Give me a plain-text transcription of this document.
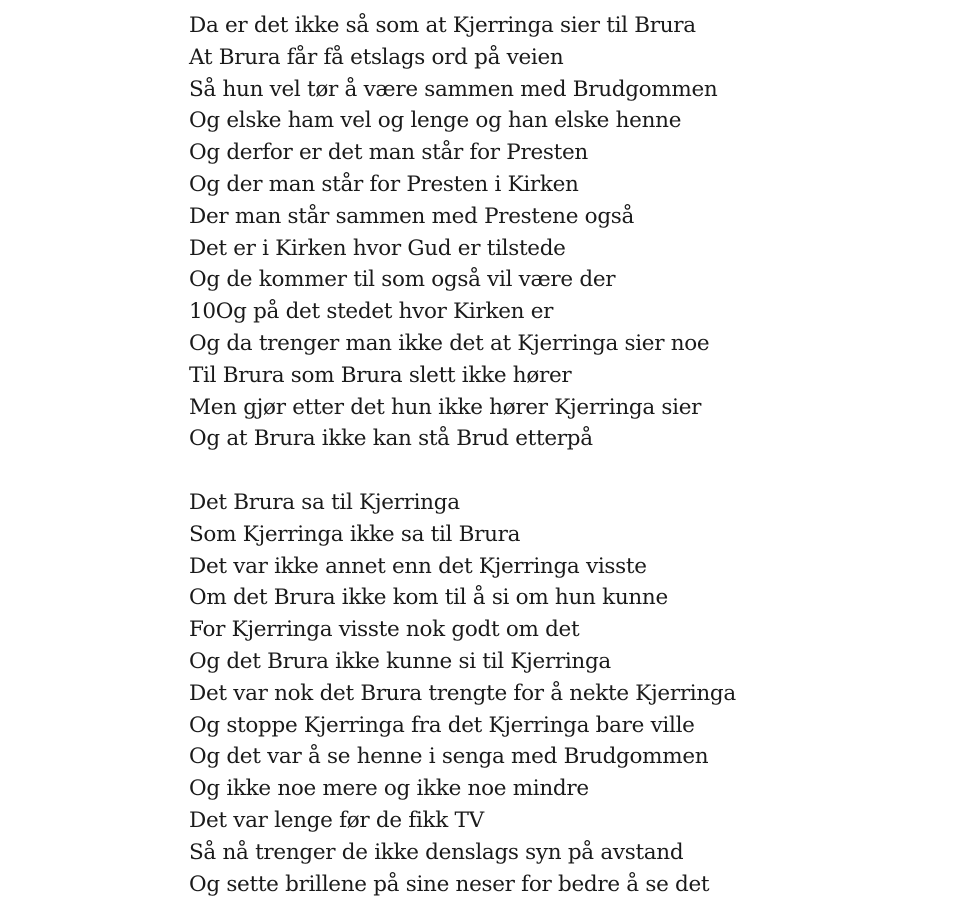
Da er det ikke så som at Kjerringa sier til Brura
At Brura får få etslags ord på veien
Så hun vel tør å være sammen med Brudgommen
Og elske ham vel og lenge og han elske henne
Og derfor er det man står for Presten
Og der man står for Presten i Kirken
Der man står sammen med Prestene også
Det er i Kirken hvor Gud er tilstede
Og de kommer til som også vil være der
10Og på det stedet hvor Kirken er
Og da trenger man ikke det at Kjerringa sier noe
Til Brura som Brura slett ikke hører
Men gjør etter det hun ikke hører Kjerringa sier
Og at Brura ikke kan stå Brud etterpå
Det Brura sa til Kjerringa
Som Kjerringa ikke sa til Brura
Det var ikke annet enn det Kjerringa visste
Om det Brura ikke kom til å si om hun kunne
For Kjerringa visste nok godt om det
Og det Brura ikke kunne si til Kjerringa
Det var nok det Brura trengte for å nekte Kjerringa
Og stoppe Kjerringa fra det Kjerringa bare ville
Og det var å se henne i senga med Brudgommen
Og ikke noe mere og ikke noe mindre
Det var lenge før de fikk TV
Så nå trenger de ikke denslags syn på avstand
Og sette brillene på sine neser for bedre å se det
